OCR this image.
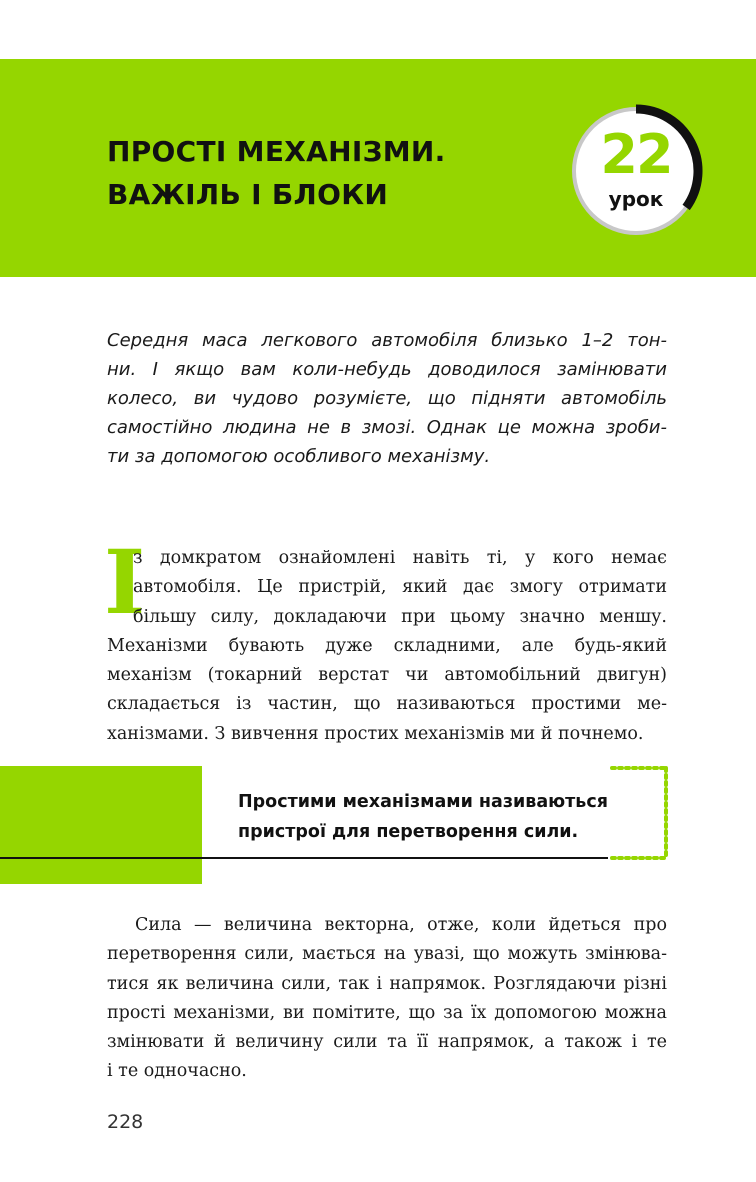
ПРОСТІ МЕХАНІЗМИ.
ВАЖІЛЬ І БЛОКИ
22
урок
Середня маса легкового автомобіля близько 1–2 тон-
ни. І якщо вам коли-небудь доводилося замінювати
колесо, ви чудово розумієте, що підняти автомобіль
самостійно людина не в змозі. Однак це можна зроби-
ти за допомогою особливого механізму.
І
з домкратом ознайомлені навіть ті, у кого немає
автомобіля. Це пристрій, який дає змогу отримати
більшу силу, докладаючи при цьому значно меншу.
Механізми бувають дуже складними, але будь-який
механізм (токарний верстат чи автомобільний двигун)
складається із частин, що називаються простими ме-
ханізмами. З вивчення простих механізмів ми й почнемо.
Простими механізмами називаються
пристрої для перетворення сили.
Сила — величина векторна, отже, коли йдеться про
перетворення сили, мається на увазі, що можуть змінюва-
тися як величина сили, так і напрямок. Розглядаючи різні
прості механізми, ви помітите, що за їх допомогою можна
змінювати й величину сили та її напрямок, а також і те
і те одночасно.
228
